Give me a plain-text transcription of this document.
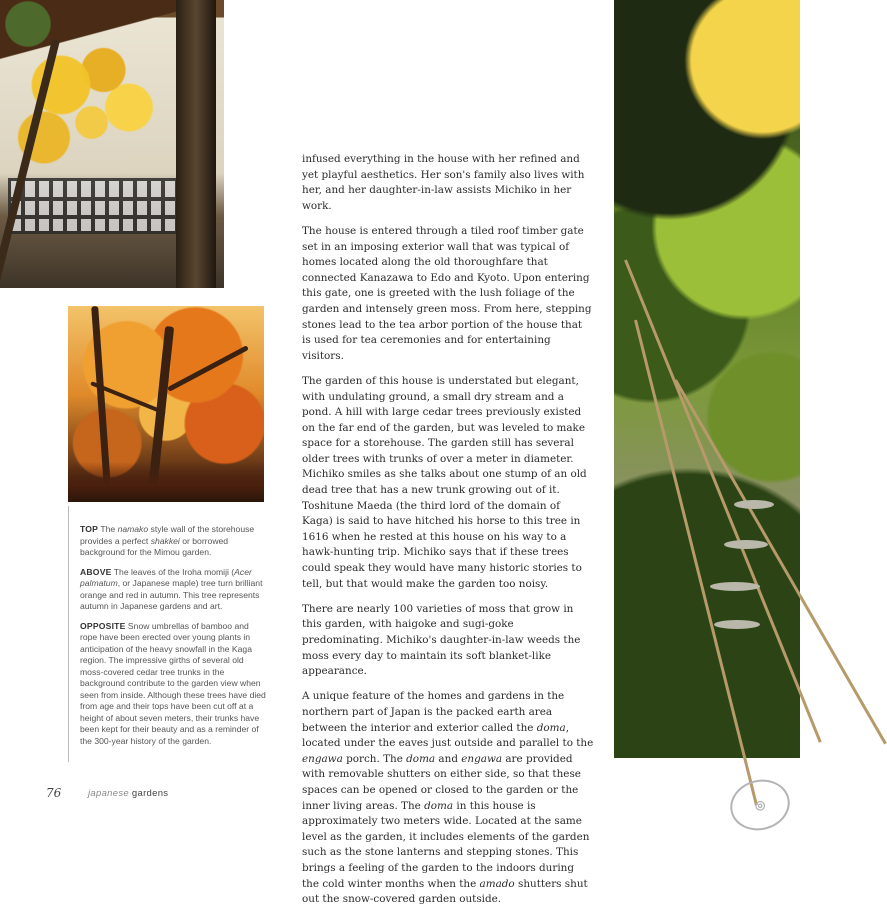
TOP The namako style wall of the storehouse provides a perfect shakkei or borrowed background for the Mimou garden.

ABOVE The leaves of the Iroha momiji (Acer palmatum, or Japanese maple) tree turn brilliant orange and red in autumn. This tree represents autumn in Japanese gardens and art.

OPPOSITE Snow umbrellas of bamboo and rope have been erected over young plants in anticipation of the heavy snowfall in the Kaga region. The impressive girths of several old moss-covered cedar tree trunks in the background contribute to the garden view when seen from inside. Although these trees have died from age and their tops have been cut off at a height of about seven meters, their trunks have been kept for their beauty and as a reminder of the 300-year history of the garden.

infused everything in the house with her refined and yet playful aesthetics. Her son's family also lives with her, and her daughter-in-law assists Michiko in her work.

The house is entered through a tiled roof timber gate set in an imposing exterior wall that was typical of homes located along the old thoroughfare that connected Kanazawa to Edo and Kyoto. Upon entering this gate, one is greeted with the lush foliage of the garden and intensely green moss. From here, stepping stones lead to the tea arbor portion of the house that is used for tea ceremonies and for entertaining visitors.

The garden of this house is understated but elegant, with undulating ground, a small dry stream and a pond. A hill with large cedar trees previously existed on the far end of the garden, but was leveled to make space for a storehouse. The garden still has several older trees with trunks of over a meter in diameter. Michiko smiles as she talks about one stump of an old dead tree that has a new trunk growing out of it. Toshitune Maeda (the third lord of the domain of Kaga) is said to have hitched his horse to this tree in 1616 when he rested at this house on his way to a hawk-hunting trip. Michiko says that if these trees could speak they would have many historic stories to tell, but that would make the garden too noisy.

There are nearly 100 varieties of moss that grow in this garden, with haigoke and sugi-goke predominating. Michiko's daughter-in-law weeds the moss every day to maintain its soft blanket-like appearance.

A unique feature of the homes and gardens in the northern part of Japan is the packed earth area between the interior and exterior called the doma, located under the eaves just outside and parallel to the engawa porch. The doma and engawa are provided with removable shutters on either side, so that these spaces can be opened or closed to the garden or the inner living areas. The doma in this house is approximately two meters wide. Located at the same level as the garden, it includes elements of the garden such as the stone lanterns and stepping stones. This brings a feeling of the garden to the indoors during the cold winter months when the amado shutters shut out the snow-covered garden outside.

76	japanese gardens
◎
